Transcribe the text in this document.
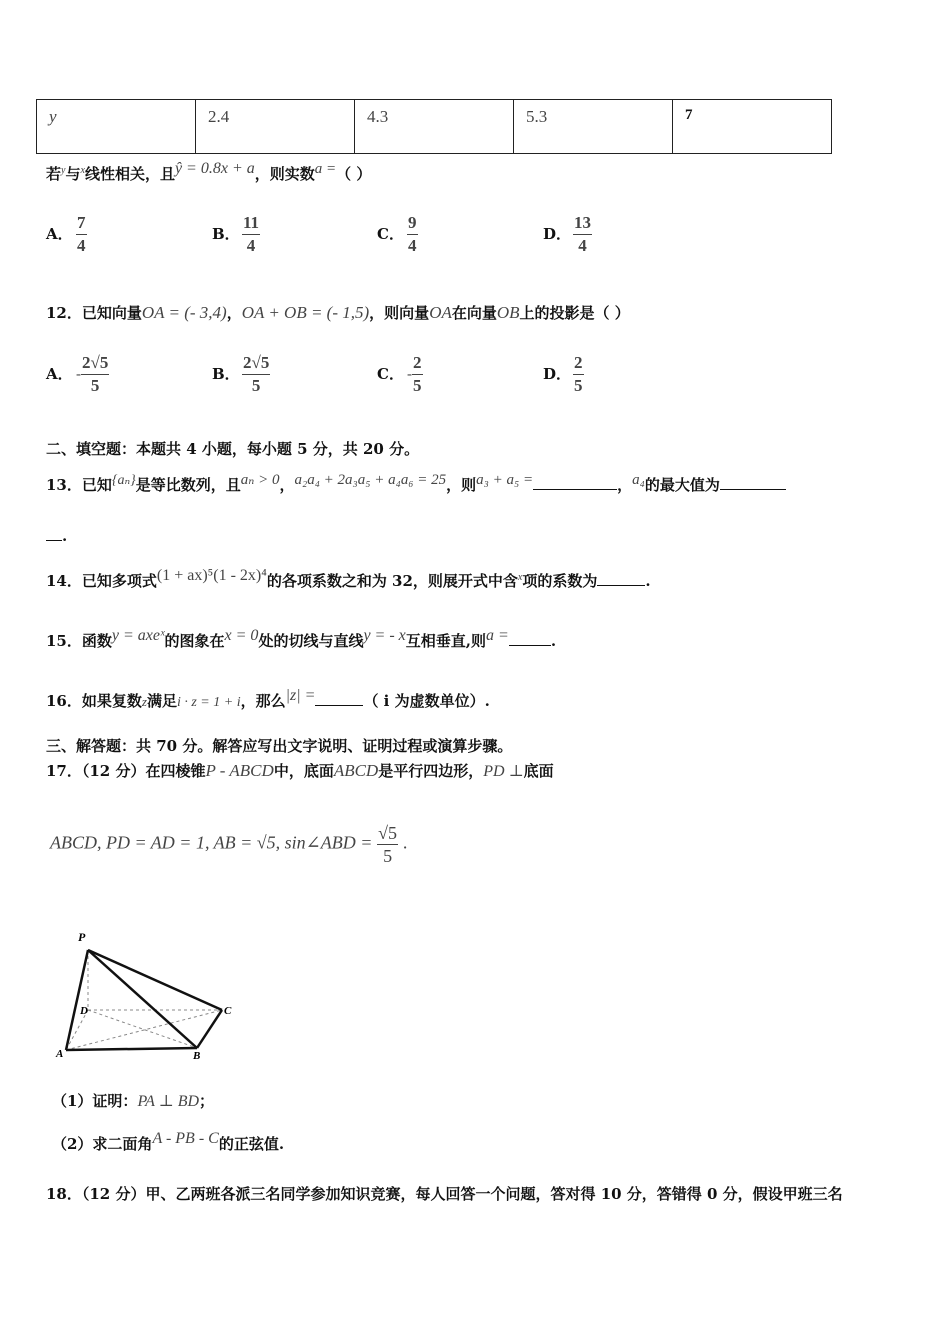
y	2.4	4.3	5.3	7
若$^y$与$^x$线性相关，且$^{ŷ = 0.8x + a}$，则实数$^{a =}$（ ）
A． $\frac{7}{4}$	B． $\frac{11}{4}$	C． $\frac{9}{4}$	D． $\frac{13}{4}$
12．已知向量OA = (- 3,4)，OA + OB = (- 1,5)，则向量OA在向量OB上的投影是（ ）
A． - $\frac{2√5}{5}$	B． $\frac{2√5}{5}$	C． - $\frac{2}{5}$	D． $\frac{2}{5}$
二、填空题：本题共 4 小题，每小题 5 分，共 20 分。
13．已知$^{\{a_n\}}$是等比数列，且$^{a_n > 0}$，$^{a_2a_4 + 2a_3a_5 + a_4a_6 = 25}$，则$^{a_3 + a_5 =}$	，$^{a_4}$的最大值为
.
14．已知多项式$^{(1 + ax)^5(1 - 2x)^4}$的各项系数之和为 32，则展开式中含$^x$项的系数为	.
15．函数$^{y = axeˣ}$的图象在$^{x = 0}$处的切线与直线$^{y = - x}$互相垂直,则$^{a =}$	.
16．如果复数z满足i · z = 1 + i，那么$^{|z| =}$	（ i 为虚数单位）.
三、解答题：共 70 分。解答应写出文字说明、证明过程或演算步骤。
17．（12 分）在四棱锥P - ABCD中，底面ABCD是平行四边形，PD ⊥底面
ABCD, PD = AD = 1, AB = √5, sin∠ABD = $\frac{√5}{5}$ .
P
D	C
A	B
（1）证明：PA ⊥ BD；
（2）求二面角$^{A - PB - C}$的正弦值.
18．（12 分）甲、乙两班各派三名同学参加知识竞赛，每人回答一个问题，答对得 10 分，答错得 0 分，假设甲班三名
